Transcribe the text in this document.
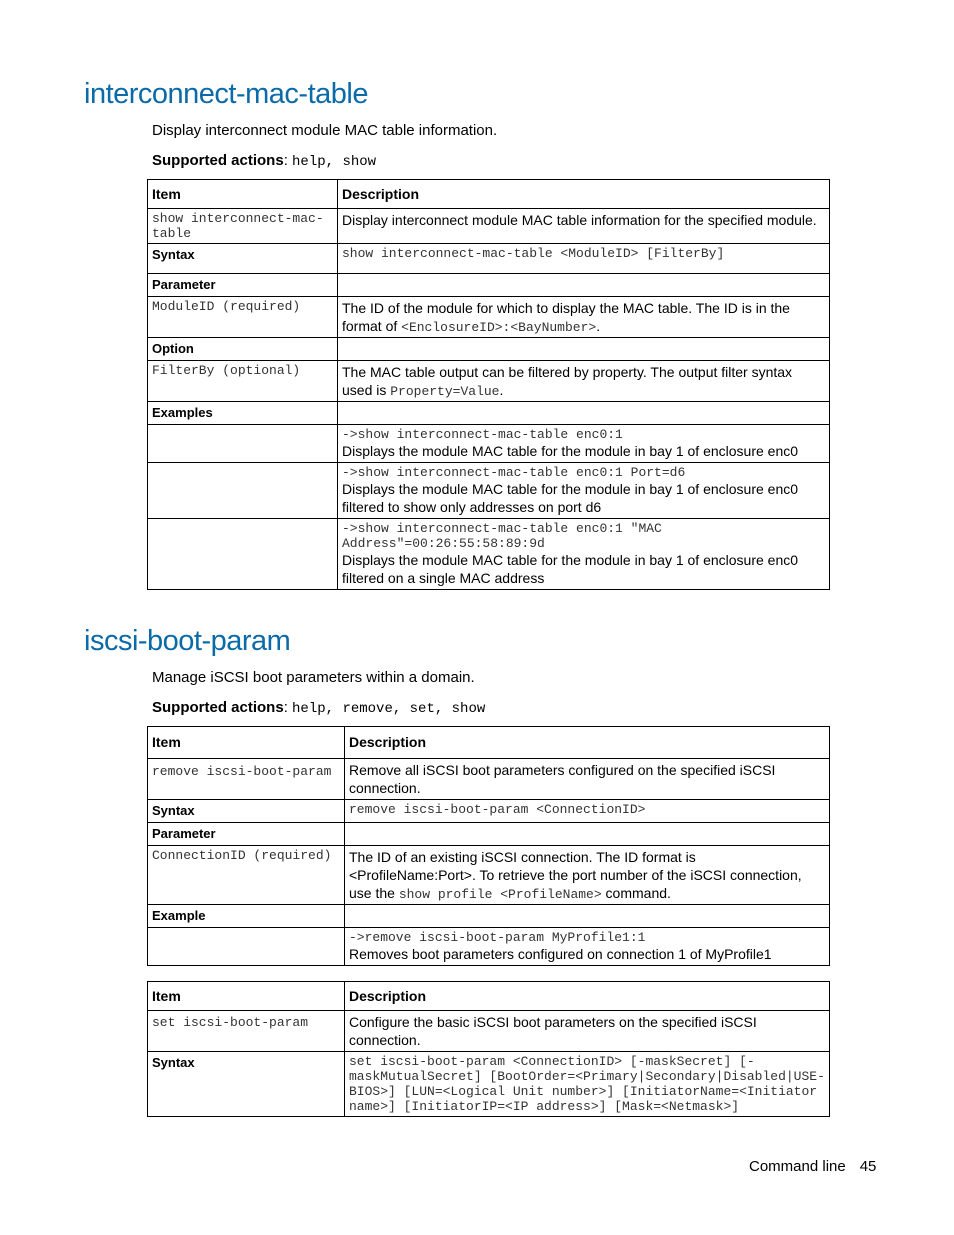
interconnect-mac-table

Display interconnect module MAC table information.

Supported actions: help, show

Item	Description
show interconnect-mac-table	Display interconnect module MAC table information for the specified module.
Syntax	show interconnect-mac-table <ModuleID> [FilterBy]
Parameter	
ModuleID (required)	The ID of the module for which to display the MAC table. The ID is in the format of <EnclosureID>:<BayNumber>.
Option	
FilterBy (optional)	The MAC table output can be filtered by property. The output filter syntax used is Property=Value.
Examples	

	->show interconnect-mac-table enc0:1
Displays the module MAC table for the module in bay 1 of enclosure enc0

	->show interconnect-mac-table enc0:1 Port=d6
Displays the module MAC table for the module in bay 1 of enclosure enc0 filtered to show only addresses on port d6

	->show interconnect-mac-table enc0:1 "MAC Address"=00:26:55:58:89:9d
Displays the module MAC table for the module in bay 1 of enclosure enc0 filtered on a single MAC address
iscsi-boot-param

Manage iSCSI boot parameters within a domain.

Supported actions: help, remove, set, show

Item	Description
remove iscsi-boot-param	Remove all iSCSI boot parameters configured on the specified iSCSI connection.
Syntax	remove iscsi-boot-param <ConnectionID>
Parameter	
ConnectionID (required)	The ID of an existing iSCSI connection. The ID format is <ProfileName:Port>. To retrieve the port number of the iSCSI connection, use the show profile <ProfileName> command.
Example	

	->remove iscsi-boot-param MyProfile1:1
Removes boot parameters configured on connection 1 of MyProfile1
Item	Description
set iscsi-boot-param	Configure the basic iSCSI boot parameters on the specified iSCSI connection.
Syntax	set iscsi-boot-param <ConnectionID> [-maskSecret] [-maskMutualSecret] [BootOrder=<Primary|Secondary|Disabled|USE-BIOS>] [LUN=<Logical Unit number>] [InitiatorName=<Initiator name>] [InitiatorIP=<IP address>] [Mask=<Netmask>]
Command line 45
